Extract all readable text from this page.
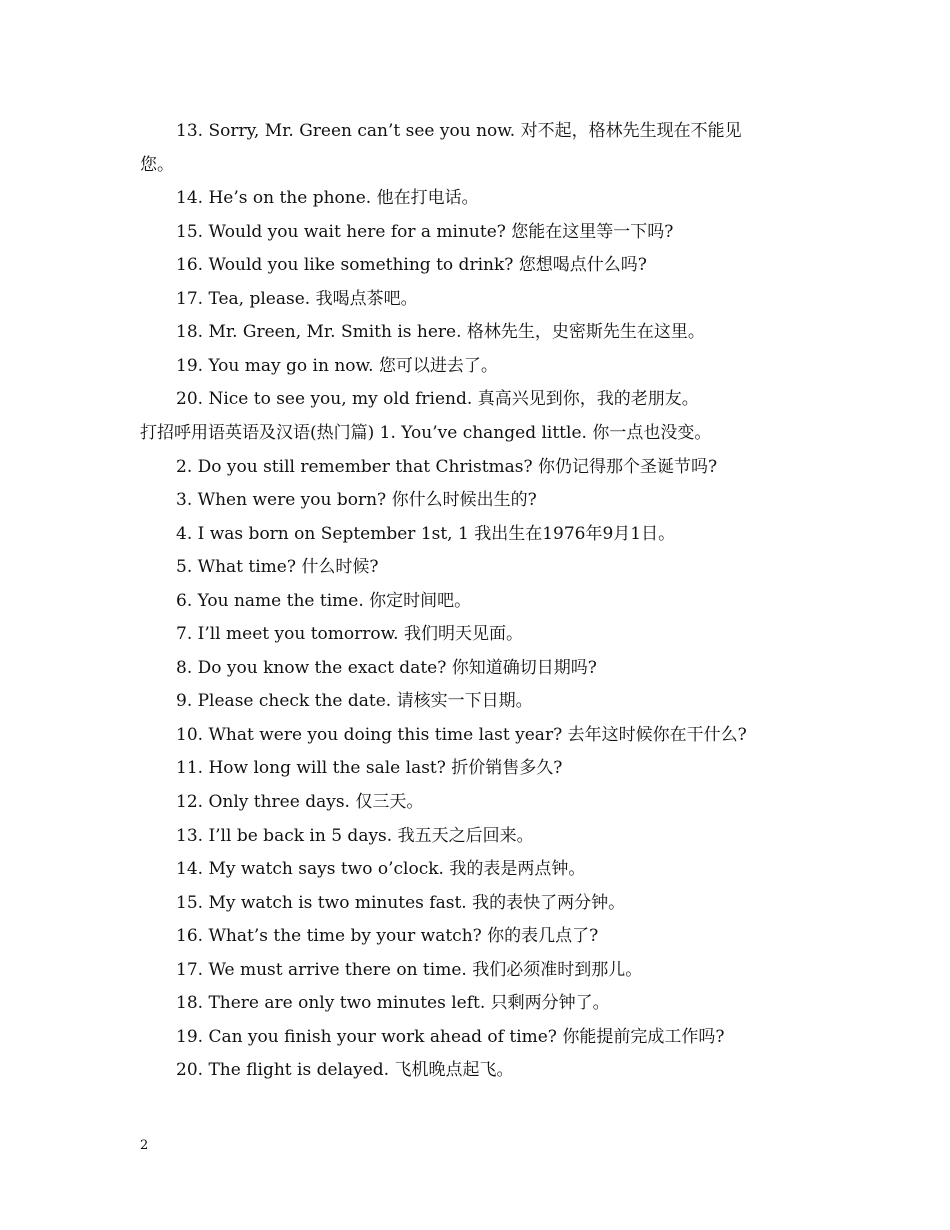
13. Sorry, Mr. Green can’t see you now. 对不起，格林先生现在不能见
您。
14. He’s on the phone. 他在打电话。
15. Would you wait here for a minute? 您能在这里等一下吗?
16. Would you like something to drink? 您想喝点什么吗?
17. Tea, please. 我喝点茶吧。
18. Mr. Green, Mr. Smith is here. 格林先生，史密斯先生在这里。
19. You may go in now. 您可以进去了。
20. Nice to see you, my old friend. 真高兴见到你，我的老朋友。
打招呼用语英语及汉语(热门篇) 1. You’ve changed little. 你一点也没变。
2. Do you still remember that Christmas? 你仍记得那个圣诞节吗?
3. When were you born? 你什么时候出生的?
4. I was born on September 1st, 1 我出生在1976年9月1日。
5. What time? 什么时候?
6. You name the time. 你定时间吧。
7. I’ll meet you tomorrow. 我们明天见面。
8. Do you know the exact date? 你知道确切日期吗?
9. Please check the date. 请核实一下日期。
10. What were you doing this time last year? 去年这时候你在干什么?
11. How long will the sale last? 折价销售多久?
12. Only three days. 仅三天。
13. I’ll be back in 5 days. 我五天之后回来。
14. My watch says two o’clock. 我的表是两点钟。
15. My watch is two minutes fast. 我的表快了两分钟。
16. What’s the time by your watch? 你的表几点了?
17. We must arrive there on time. 我们必须准时到那儿。
18. There are only two minutes left. 只剩两分钟了。
19. Can you finish your work ahead of time? 你能提前完成工作吗?
20. The flight is delayed. 飞机晚点起飞。
2
